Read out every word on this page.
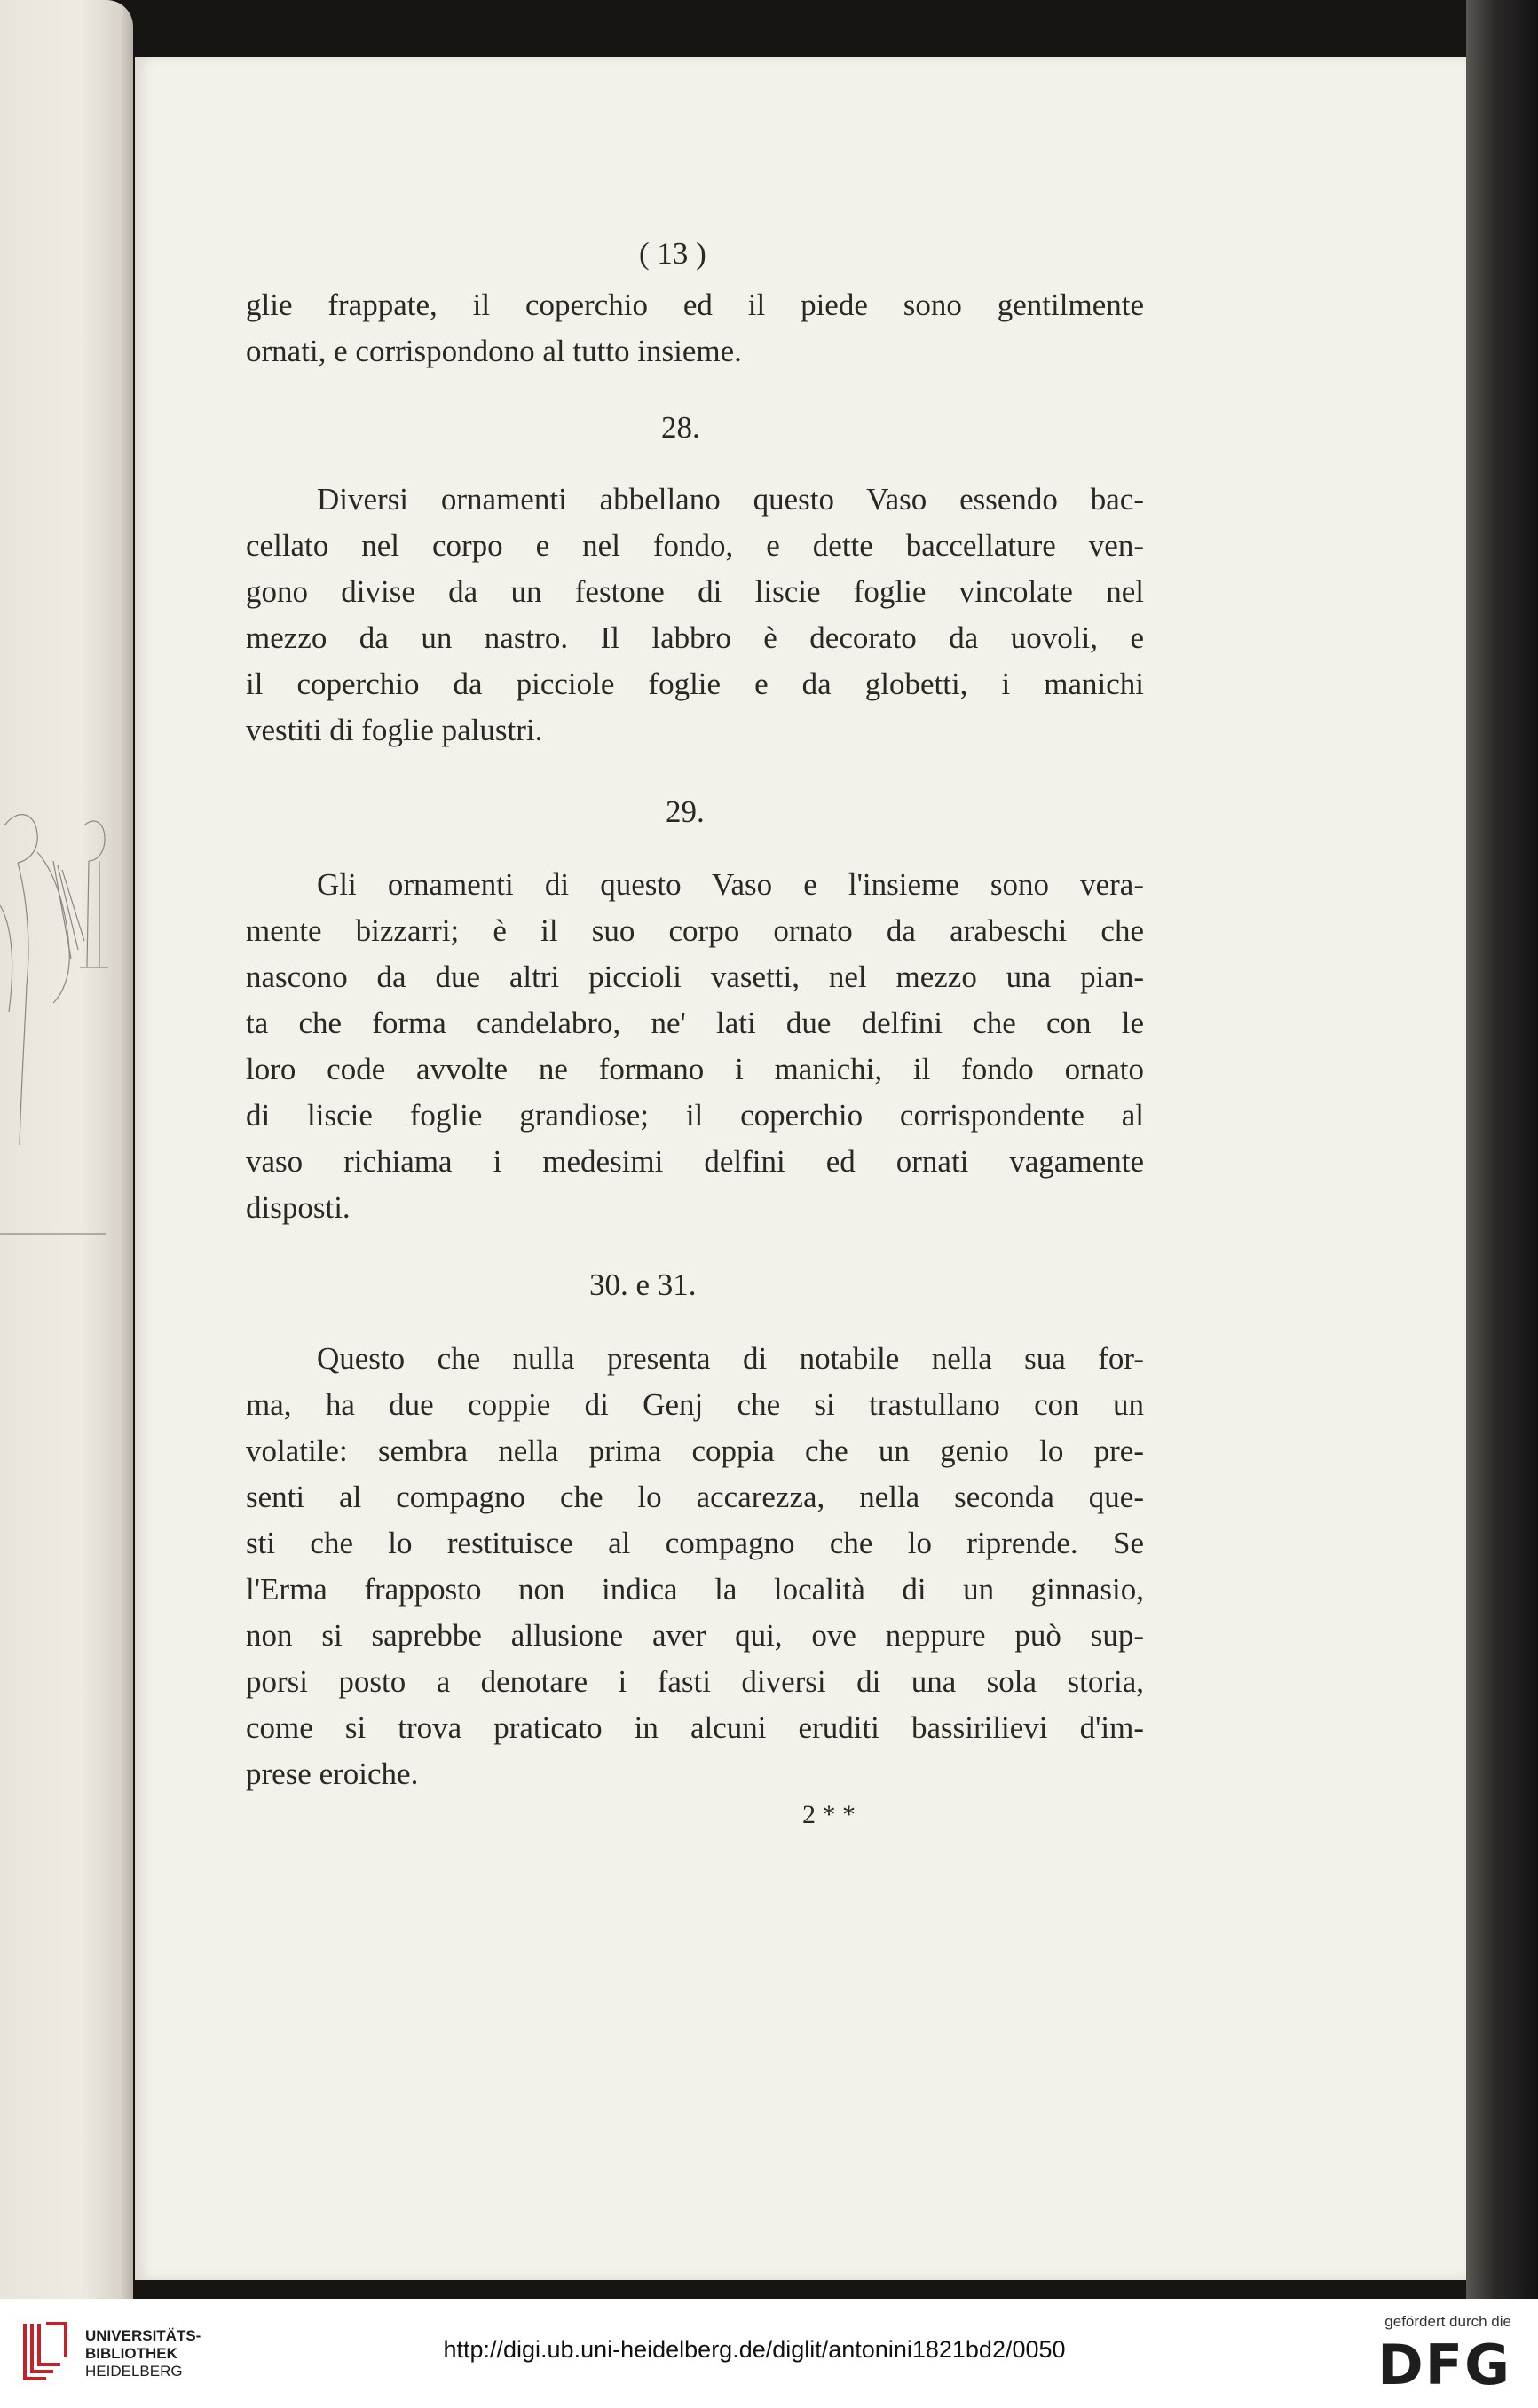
( 13 )
glie frappate, il coperchio ed il piede sono gentilmente
ornati, e corrispondono al tutto insieme.
28.
Diversi ornamenti abbellano questo Vaso essendo bac-
cellato nel corpo e nel fondo, e dette baccellature ven-
gono divise da un festone di liscie foglie vincolate nel
mezzo da un nastro. Il labbro è decorato da uovoli, e
il coperchio da picciole foglie e da globetti, i manichi
vestiti di foglie palustri.
29.
Gli ornamenti di questo Vaso e l'insieme sono vera-
mente bizzarri; è il suo corpo ornato da arabeschi che
nascono da due altri piccioli vasetti, nel mezzo una pian-
ta che forma candelabro, ne' lati due delfini che con le
loro code avvolte ne formano i manichi, il fondo ornato
di liscie foglie grandiose; il coperchio corrispondente al
vaso richiama i medesimi delfini ed ornati vagamente
disposti.
30. e 31.
Questo che nulla presenta di notabile nella sua for-
ma, ha due coppie di Genj che si trastullano con un
volatile: sembra nella prima coppia che un genio lo pre-
senti al compagno che lo accarezza, nella seconda que-
sti che lo restituisce al compagno che lo riprende. Se
l'Erma frapposto non indica la località di un ginnasio,
non si saprebbe allusione aver qui, ove neppure può sup-
porsi posto a denotare i fasti diversi di una sola storia,
come si trova praticato in alcuni eruditi bassirilievi d'im-
prese eroiche.
2 * *
UNIVERSITÄTS-
BIBLIOTHEK
HEIDELBERG
http://digi.ub.uni-heidelberg.de/diglit/antonini1821bd2/0050
gefördert durch die
DFG
